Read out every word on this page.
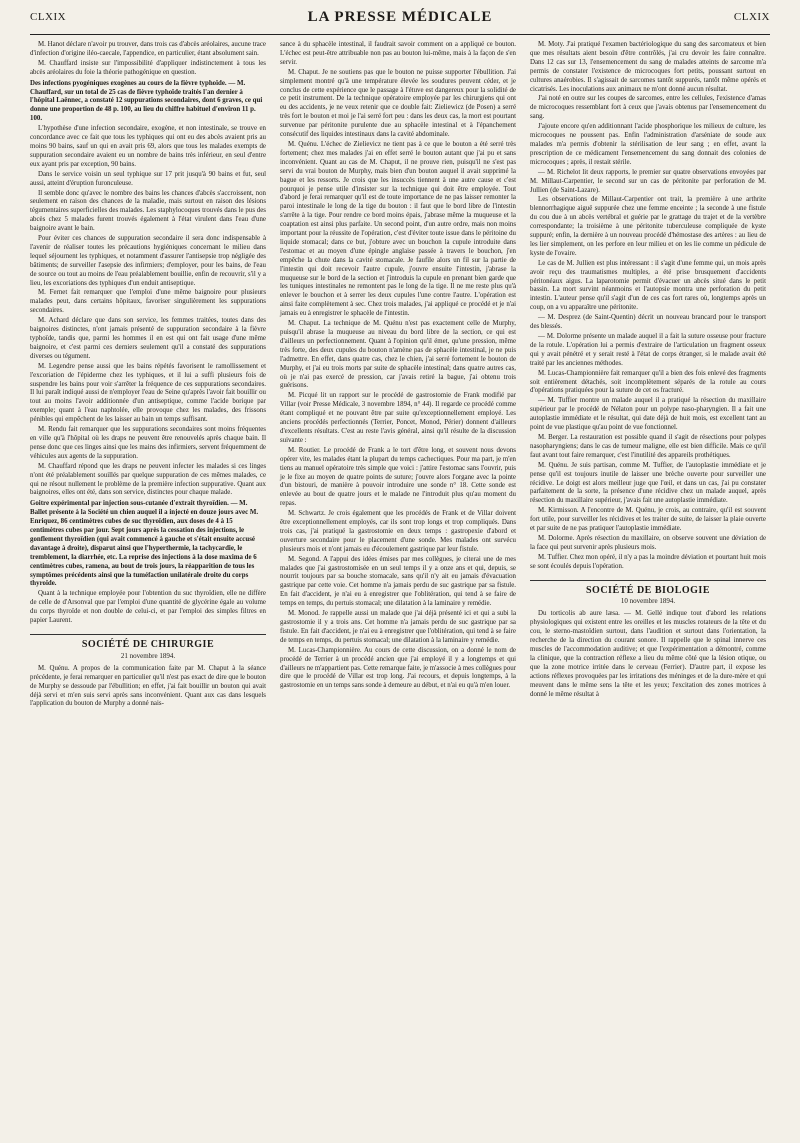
CLXIX	LA PRESSE MÉDICALE	CLXIX

M. Hanot déclare n'avoir pu trouver, dans trois cas d'abcès aréolaires, aucune trace d'infection d'origine iléo-caecale, l'appendice, en particulier, étant absolument sain.

M. Chauffard insiste sur l'impossibilité d'appliquer indistinctement à tous les abcès aréolaires du foie la théorie pathogénique en question.

Des infections pyogéniques exogènes au cours de la fièvre typhoïde. — M. Chauffard, sur un total de 25 cas de fièvre typhoïde traités l'an dernier à l'hôpital Laënnec, a constaté 12 suppurations secondaires, dont 6 graves, ce qui donne une proportion de 48 p. 100, au lieu du chiffre habituel d'environ 11 p. 100.

L'hypothèse d'une infection secondaire, exogène, et non intestinale, se trouve en concordance avec ce fait que tous les typhiques qui ont eu des abcès avaient pris au moins 90 bains, sauf un qui en avait pris 69, alors que tous les malades exempts de suppuration secondaire avaient eu un nombre de bains très inférieur, en seul d'entre eux ayant pris par exception, 90 bains.

Dans le service voisin un seul typhique sur 17 prit jusqu'à 90 bains et fut, seul aussi, atteint d'éruption furonculeuse.

Il semble donc qu'avec le nombre des bains les chances d'abcès s'accroissent, non seulement en raison des chances de la maladie, mais surtout en raison des lésions tégumentaires superficielles des malades. Les staphylocoques trouvés dans le pus des abcès chez 5 malades furent trouvés également à l'état virulent dans l'eau d'une baignoire avant le bain.

Pour éviter ces chances de suppuration secondaire il sera donc indispensable à l'avenir de réaliser toutes les précautions hygiéniques concernant le milieu dans lequel séjournent les typhiques, et notamment d'assurer l'antisepsie trop négligée des bâtiments; de surveiller l'asepsie des infirmiers; d'employer, pour les bains, de l'eau de source ou tout au moins de l'eau préalablement bouillie, enfin de recouvrir, s'il y a lieu, les excoriations des typhiques d'un enduit antiseptique.

M. Fernet fait remarquer que l'emploi d'une même baignoire pour plusieurs malades peut, dans certains hôpitaux, favoriser singulièrement les suppurations secondaires.

M. Achard déclare que dans son service, les femmes traitées, toutes dans des baignoires distinctes, n'ont jamais présenté de suppuration secondaire à la fièvre typhoïde, tandis que, parmi les hommes il en est qui ont fait usage d'une même baignoire, et c'est parmi ces derniers seulement qu'il a constaté des suppurations diverses ou tégument.

M. Legendre pense aussi que les bains répétés favorisent le ramollissement et l'excoriation de l'épiderme chez les typhiques, et il lui a suffi plusieurs fois de suspendre les bains pour voir s'arrêter la fréquence de ces suppurations secondaires. Il lui paraît indiqué aussi de n'employer l'eau de Seine qu'après l'avoir fait bouillir ou tout au moins l'avoir additionnée d'un antiseptique, comme l'acide borique par exemple; quant à l'eau naphtolée, elle provoque chez les malades, des frissons pénibles qui empêchent de les laisser au bain un temps suffisant.

M. Rendu fait remarquer que les suppurations secondaires sont moins fréquentes en ville qu'à l'hôpital où les draps ne peuvent être renouvelés après chaque bain. Il pense donc que ces linges ainsi que les mains des infirmiers, servent fréquemment de véhicules aux agents de la suppuration.

M. Chauffard répond que les draps ne peuvent infecter les malades si ces linges n'ont été préalablement souillés par quelque suppuration de ces mêmes malades, ce qui ne résout nullement le problème de la première infection suppurative. Quant aux baignoires, elles ont été, dans son service, distinctes pour chaque malade.

Goitre expérimental par injection sous-cutanée d'extrait thyroïdien. — M. Ballet présente à la Société un chien auquel il a injecté en douze jours avec M. Enriquez, 86 centimètres cubes de suc thyroïdien, aux doses de 4 à 15 centimètres cubes par jour. Sept jours après la cessation des injections, le gonflement thyroïdien (qui avait commencé à gauche et s'était ensuite accusé davantage à droite), disparut ainsi que l'hyperthermie, la tachycardie, le tremblement, la diarrhée, etc. La reprise des injections à la dose maxima de 6 centimètres cubes, ramena, au bout de trois jours, la réapparition de tous les symptômes précédents ainsi que la tuméfaction unilatérale droite du corps thyroïde.

Quant à la technique employée pour l'obtention du suc thyroïdien, elle ne diffère de celle de d'Arsonval que par l'emploi d'une quantité de glycérine égale au volume du corps thyroïde et non double de celui-ci, et par l'emploi des simples filtres en papier Laurent.

SOCIÉTÉ DE CHIRURGIE
21 novembre 1894.

M. Quénu. A propos de la communication faite par M. Chaput à la séance précédente, je ferai remarquer en particulier qu'il n'est pas exact de dire que le bouton de Murphy se dessoude par l'ébullition; en effet, j'ai fait bouillir un bouton qui avait déjà servi et m'en suis servi après sans inconvénient. Quant aux cas dans lesquels l'application du bouton de Murphy a donné nais-

sance à du sphacèle intestinal, il faudrait savoir comment on a appliqué ce bouton. L'échec est peut-être attribuable non pas au bouton lui-même, mais à la façon de s'en servir.

M. Chaput. Je ne soutiens pas que le bouton ne puisse supporter l'ébullition. J'ai simplement montré qu'à une température élevée les soudures peuvent céder, et je conclus de cette expérience que le passage à l'étuve est dangereux pour la solidité de ce petit instrument. De la technique opératoire employée par les chirurgiens qui ont eu des accidents, je ne veux retenir que ce double fait: Zieliewicz (de Posen) a serré très fort le bouton et moi je l'ai serré fort peu : dans les deux cas, la mort est pourtant survenue par péritonite purulente due au sphacèle intestinal et à l'épanchement consécutif des liquides intestinaux dans la cavité abdominale.

M. Quénu. L'échec de Zielievicz ne tient pas à ce que le bouton a été serré très fortement; chez mes malades j'ai en effet serré le bouton autant que j'ai pu et sans inconvénient. Quant au cas de M. Chaput, il ne prouve rien, puisqu'il ne s'est pas servi du vrai bouton de Murphy, mais bien d'un bouton auquel il avait supprimé la bague et les ressorts. Je crois que les insuccès tiennent à une autre cause et c'est pourquoi je pense utile d'insister sur la technique qui doit être employée. Tout d'abord je ferai remarquer qu'il est de toute importance de ne pas laisser remonter la paroi intestinale le long de la tige du bouton : il faut que le bord libre de l'intestin s'arrête à la tige. Pour rendre ce bord moins épais, j'abrase même la muqueuse et la coaptation est ainsi plus parfaite. Un second point, d'un autre ordre, mais non moins important pour la réussite de l'opération, c'est d'éviter toute issue dans le péritoine du liquide stomacal; dans ce but, j'obture avec un bouchon la cupule introduite dans l'estomac et au moyen d'une épingle anglaise passée à travers le bouchon, j'en empêche la chute dans la cavité stomacale. Je faufile alors un fil sur la partie de l'intestin qui doit recevoir l'autre cupule, j'ouvre ensuite l'intestin, j'abrase la muqueuse sur le bord de la section et j'introduis la cupule en prenant bien garde que les tuniques intestinales ne remontent pas le long de la tige. Il ne me reste plus qu'à enlever le bouchon et à serrer les deux cupules l'une contre l'autre. L'opération est ainsi faite complètement à sec. Chez trois malades, j'ai appliqué ce procédé et je n'ai jamais eu à enregistrer le sphacèle de l'intestin.

M. Chaput. La technique de M. Quénu n'est pas exactement celle de Murphy, puisqu'il abrase la muqueuse au niveau du bord libre de la section, ce qui est d'ailleurs un perfectionnement. Quant à l'opinion qu'il émet, qu'une pression, même très forte, des deux cupules du bouton n'amène pas de sphacèle intestinal, je ne puis l'admettre. En effet, dans quatre cas, chez le chien, j'ai serré fortement le bouton de Murphy, et j'ai eu trois morts par suite de sphacèle intestinal; dans quatre autres cas, où je n'ai pas exercé de pression, car j'avais retiré la bague, j'ai obtenu trois guérisons.

M. Picqué lit un rapport sur le procédé de gastrostomie de Frank modifié par Villar (voir Presse Médicale, 3 novembre 1894, n° 44). Il regarde ce procédé comme étant compliqué et ne pouvant être par suite qu'exceptionnellement employé. Les anciens procédés perfectionnés (Terrier, Poncet, Monod, Périer) donnent d'ailleurs d'excellents résultats. C'est au reste l'avis général, ainsi qu'il résulte de la discussion suivante :

M. Routier. Le procédé de Frank a le tort d'être long, et souvent nous devons opérer vite, les malades étant la plupart du temps cachectiques. Pour ma part, je m'en tiens au manuel opératoire très simple que voici : j'attire l'estomac sans l'ouvrir, puis je le fixe au moyen de quatre points de suture; j'ouvre alors l'organe avec la pointe d'un bistouri, de manière à pouvoir introduire une sonde n° 18. Cette sonde est enlevée au bout de quatre jours et le malade ne l'introduit plus qu'au moment du repas.

M. Schwartz. Je crois également que les procédés de Frank et de Villar doivent être exceptionnellement employés, car ils sont trop longs et trop compliqués. Dans trois cas, j'ai pratiqué la gastrostomie en deux temps : gastropexie d'abord et ouverture secondaire pour le placement d'une sonde. Mes malades ont survécu plusieurs mois et n'ont jamais eu d'écoulement gastrique par leur fistule.

M. Segond. A l'appui des idées émises par mes collègues, je citerai une de mes malades que j'ai gastrostomisée en un seul temps il y a onze ans et qui, depuis, se nourrit toujours par sa bouche stomacale, sans qu'il n'y ait eu jamais d'évacuation gastrique par cette voie. Cet homme n'a jamais perdu de suc gastrique par sa fistule. En fait d'accident, je n'ai eu à enregistrer que l'oblitération, qui tend à se faire de temps en temps, du pertuis stomacal; une dilatation à la laminaire y remédie.

M. Monod. Je rappelle aussi un malade que j'ai déjà présenté ici et qui a subi la gastrostomie il y a trois ans. Cet homme n'a jamais perdu de suc gastrique par sa fistule. En fait d'accident, je n'ai eu à enregistrer que l'oblitération, qui tend à se faire de temps en temps, du pertuis stomacal; une dilatation à la laminaire y remédie.

M. Lucas-Championnière. Au cours de cette discussion, on a donné le nom de procédé de Terrier à un procédé ancien que j'ai employé il y a longtemps et qui d'ailleurs ne m'appartient pas. Cette remarque faite, je m'associe à mes collègues pour dire que le procédé de Villar est trop long. J'ai recours, et depuis longtemps, à la gastrostomie en un temps sans sonde à demeure au début, et n'ai eu qu'à m'en louer.

M. Moty. J'ai pratiqué l'examen bactériologique du sang des sarcomateux et bien que mes résultats aient besoin d'être contrôlés, j'ai cru devoir les faire connaître. Dans 12 cas sur 13, l'ensemencement du sang de malades atteints de sarcome m'a permis de constater l'existence de microcoques fort petits, poussant surtout en cultures anaérobies. Il s'agissait de sarcomes tantôt suppurés, tantôt même opérés et cicatrisés. Les inoculations aux animaux ne m'ont donné aucun résultat.

J'ai noté en outre sur les coupes de sarcomes, entre les cellules, l'existence d'amas de microcoques ressemblant fort à ceux que j'avais obtenus par l'ensemencement du sang.

J'ajoute encore qu'en additionnant l'acide phosphorique les milieux de culture, les microcoques ne poussent pas. Enfin l'administration d'arséniate de soude aux malades m'a permis d'obtenir la stérilisation de leur sang ; en effet, avant la prescription de ce médicament l'ensemencement du sang donnait des colonies de microcoques ; après, il restait stérile.

— M. Richelot lit deux rapports, le premier sur quatre observations envoyées par M. Millaut-Carpentier, le second sur un cas de péritonite par perforation de M. Jullien (de Saint-Lazare).

Les observations de Millaut-Carpentier ont trait, la première à une arthrite blennorrhagique aiguë suppurée chez une femme enceinte ; la seconde à une fistule du cou due à un abcès vertébral et guérie par le grattage du trajet et de la vertèbre correspondante; la troisième à une péritonite tuberculeuse compliquée de kyste suppuré; enfin, la dernière à un nouveau procédé d'hémostase des artères : au lieu de les lier simplement, on les perfore en leur milieu et on les lie comme un pédicule de kyste de l'ovaire.

Le cas de M. Jullien est plus intéressant : il s'agit d'une femme qui, un mois après avoir reçu des traumatismes multiples, a été prise brusquement d'accidents péritonéaux aigus. La laparotomie permit d'évacuer un abcès situé dans le petit bassin. La mort survint néanmoins et l'autopsie montra une perforation du petit intestin. L'auteur pense qu'il s'agit d'un de ces cas fort rares où, longtemps après un coup, on a vu apparaître une péritonite.

— M. Desprez (de Saint-Quentin) décrit un nouveau brancard pour le transport des blessés.

— M. Dolorme présente un malade auquel il a fait la suture osseuse pour fracture de la rotule. L'opération lui a permis d'extraire de l'articulation un fragment osseux qui y avait pénétré et y serait resté à l'état de corps étranger, si le malade avait été traité par les anciennes méthodes.

M. Lucas-Championnière fait remarquer qu'il a bien des fois enlevé des fragments soit entièrement détachés, soit incomplètement séparés de la rotule au cours d'opérations pratiquées pour la suture de cet os fracturé.

— M. Tuffier montre un malade auquel il a pratiqué la résection du maxillaire supérieur par le procédé de Nélaton pour un polype naso-pharyngien. Il a fait une autoplastie immédiate et le résultat, qui date déjà de huit mois, est excellent tant au point de vue plastique qu'au point de vue fonctionnel.

M. Berger. La restauration est possible quand il s'agit de résections pour polypes nasopharyngiens; dans le cas de tumeur maligne, elle est bien difficile. Mais ce qu'il faut avant tout faire remarquer, c'est l'inutilité des appareils prothétiques.

M. Quénu. Je suis partisan, comme M. Tuffier, de l'autoplastie immédiate et je pense qu'il est toujours inutile de laisser une brèche ouverte pour surveiller une récidive. Le doigt est alors meilleur juge que l'œil, et dans un cas, j'ai pu constater parfaitement de la sorte, la présence d'une récidive chez un malade auquel, après résection du maxillaire supérieur, j'avais fait une autoplastie immédiate.

M. Kirmisson. A l'encontre de M. Quénu, je crois, au contraire, qu'il est souvent fort utile, pour surveiller les récidives et les traiter de suite, de laisser la plaie ouverte et par suite de ne pas pratiquer l'autoplastie immédiate.

M. Dolorme. Après résection du maxillaire, on observe souvent une déviation de la face qui peut survenir après plusieurs mois.

M. Tuffier. Chez mon opéré, il n'y a pas la moindre déviation et pourtant huit mois se sont écoulés depuis l'opération.

SOCIÉTÉ DE BIOLOGIE
10 novembre 1894.

Du torticolis ab aure læsa. — M. Gellé indique tout d'abord les relations physiologiques qui existent entre les oreilles et les muscles rotateurs de la tête et du cou, le sterno-mastoïdien surtout, dans l'audition et surtout dans l'orientation, la recherche de la direction du courant sonore. Il rappelle que le spinal innerve ces muscles de l'accommodation auditive; et que l'expérimentation a démontré, comme la clinique, que la contraction réflexe a lieu du même côté que la lésion otique, ou que la zone motrice irritée dans le cerveau (Ferrier). D'autre part, il expose les actions réflexes provoquées par les irritations des méninges et de la dure-mère et qui meuvent dans le même sens la tête et les yeux; l'excitation des zones motrices à donné le même résultat à
